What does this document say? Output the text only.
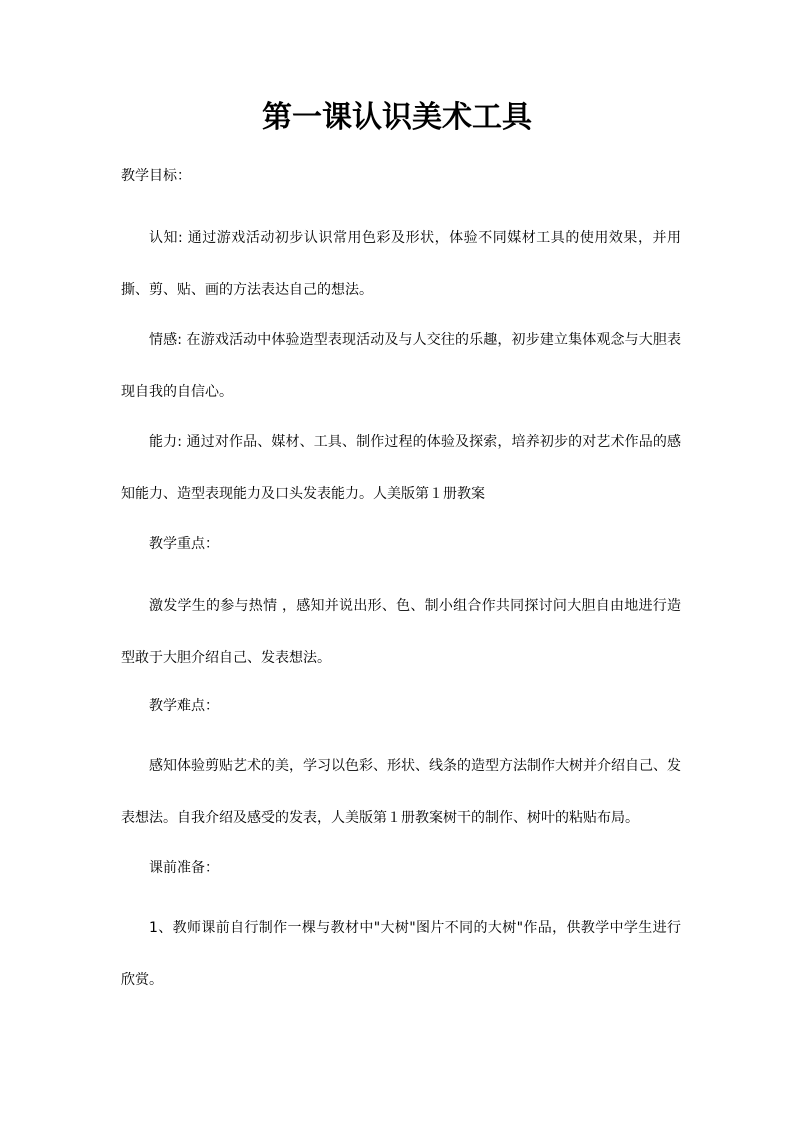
第一课认识美术工具

教学目标：

认知: 通过游戏活动初步认识常用色彩及形状，体验不同媒材工具的使用效果，并用撕、剪、贴、画的方法表达自己的想法。

情感: 在游戏活动中体验造型表现活动及与人交往的乐趣，初步建立集体观念与大胆表现自我的自信心。

能力: 通过对作品、媒材、工具、制作过程的体验及探索，培养初步的对艺术作品的感知能力、造型表现能力及口头发表能力。人美版第１册教案

教学重点：

激发学生的参与热情 ，感知并说出形、色、制小组合作共同探讨问大胆自由地进行造型敢于大胆介绍自己、发表想法。

教学难点：

感知体验剪贴艺术的美，学习以色彩、形状、线条的造型方法制作大树并介绍自己、发表想法。自我介绍及感受的发表，人美版第１册教案树干的制作、树叶的粘贴布局。

课前准备：

1、教师课前自行制作一棵与教材中"大树"图片不同的大树"作品，供教学中学生进行欣赏。
